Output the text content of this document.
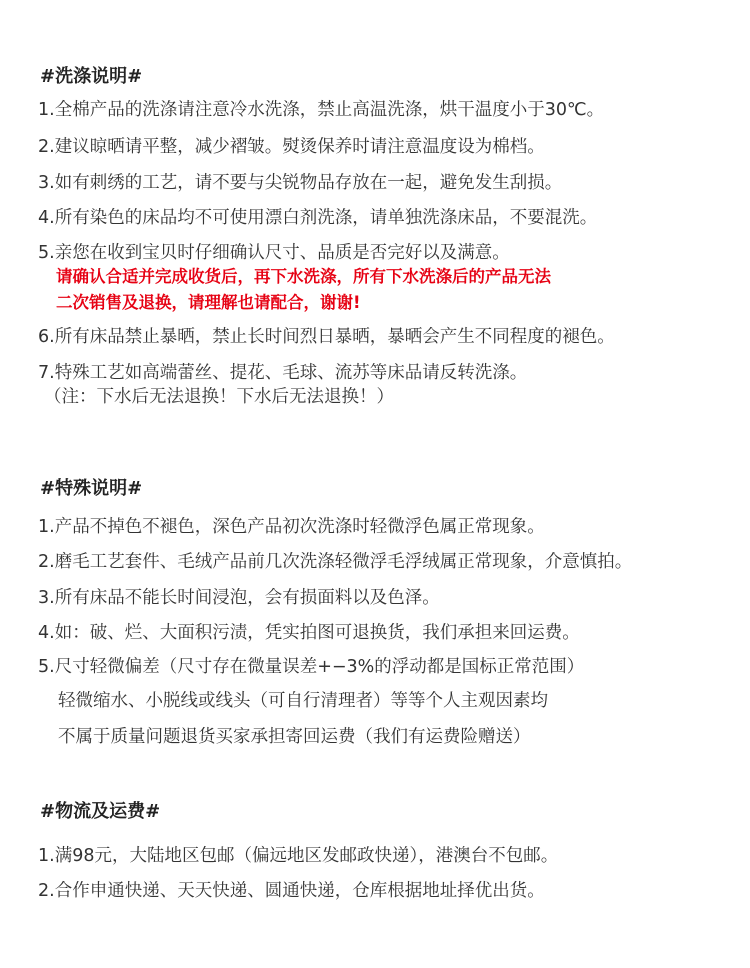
#洗涤说明#
1.全棉产品的洗涤请注意冷水洗涤，禁止高温洗涤，烘干温度小于30℃。
2.建议晾晒请平整，减少褶皱。熨烫保养时请注意温度设为棉档。
3.如有刺绣的工艺，请不要与尖锐物品存放在一起，避免发生刮损。
4.所有染色的床品均不可使用漂白剂洗涤，请单独洗涤床品，不要混洗。
5.亲您在收到宝贝时仔细确认尺寸、品质是否完好以及满意。
请确认合适并完成收货后，再下水洗涤，所有下水洗涤后的产品无法
二次销售及退换，请理解也请配合，谢谢!
6.所有床品禁止暴晒，禁止长时间烈日暴晒，暴晒会产生不同程度的褪色。
7.特殊工艺如高端蕾丝、提花、毛球、流苏等床品请反转洗涤。
（注：下水后无法退换！下水后无法退换！）
#特殊说明#
1.产品不掉色不褪色，深色产品初次洗涤时轻微浮色属正常现象。
2.磨毛工艺套件、毛绒产品前几次洗涤轻微浮毛浮绒属正常现象，介意慎拍。
3.所有床品不能长时间浸泡，会有损面料以及色泽。
4.如：破、烂、大面积污渍，凭实拍图可退换货，我们承担来回运费。
5.尺寸轻微偏差（尺寸存在微量误差+−3%的浮动都是国标正常范围）
轻微缩水、小脱线或线头（可自行清理者）等等个人主观因素均
不属于质量问题退货买家承担寄回运费（我们有运费险赠送）
#物流及运费#
1.满98元，大陆地区包邮（偏远地区发邮政快递），港澳台不包邮。
2.合作申通快递、天天快递、圆通快递，仓库根据地址择优出货。
